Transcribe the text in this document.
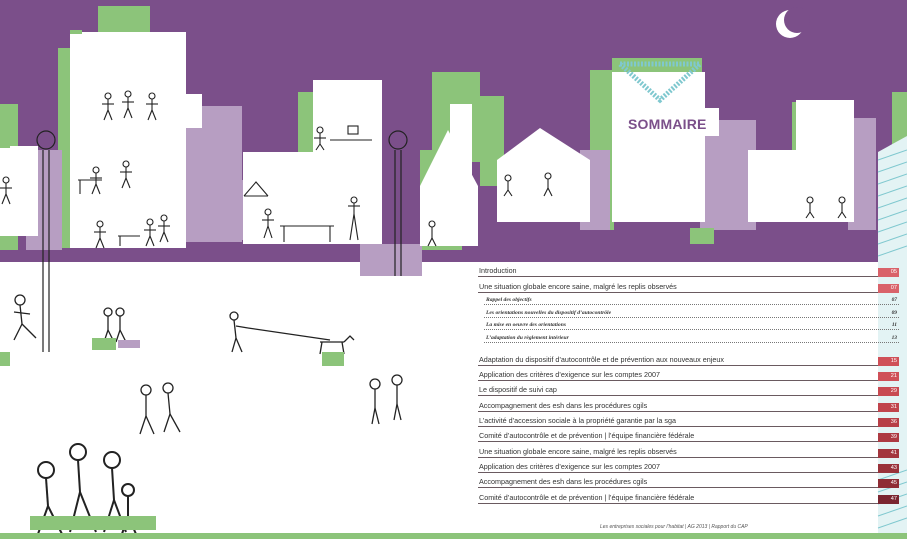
SOMMAIRE
Introduction	05
Une situation globale encore saine, malgré les replis observés	07
Rappel des objectifs	07
Les orientations nouvelles du dispositif d’autocontrôle	09
La mise en oeuvre des orientations	11
L’adaptation du règlement intérieur	13
Adaptation du dispositif d’autocontrôle et de prévention aux nouveaux enjeux	15
Application des critères d’exigence sur les comptes 2007	21
Le dispositif de suivi cap	29
Accompagnement des esh dans les procédures cgils	31
L’activité d’accession sociale à la propriété garantie par la sga	36
Comité d’autocontrôle et de prévention | l’équipe financière fédérale	39
Une situation globale encore saine, malgré les replis observés	41
Application des critères d’exigence sur les comptes 2007	43
Accompagnement des esh dans les procédures cgils	45
Comité d’autocontrôle et de prévention | l’équipe financière fédérale	47
Les entreprises sociales pour l’habitat | AG 2013 | Rapport du CAP
